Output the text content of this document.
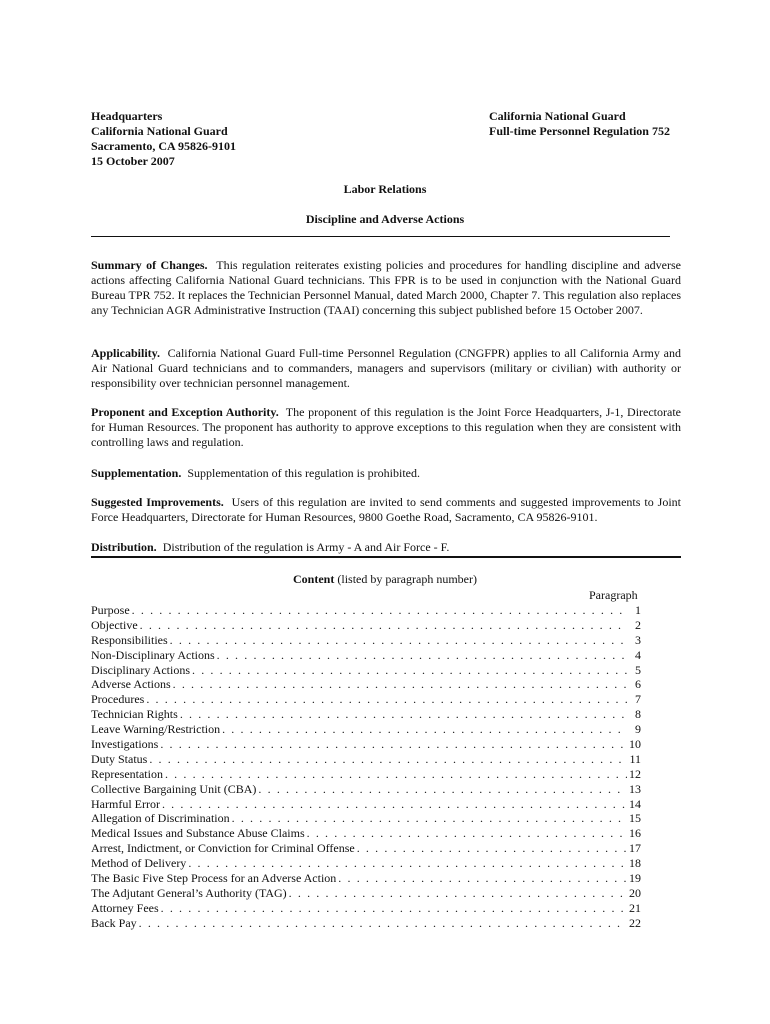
Headquarters
California National Guard
Sacramento, CA 95826-9101
15 October 2007
California National Guard
Full-time Personnel Regulation 752
Labor Relations
Discipline and Adverse Actions
Summary of Changes. This regulation reiterates existing policies and procedures for handling discipline and adverse actions affecting California National Guard technicians. This FPR is to be used in conjunction with the National Guard Bureau TPR 752. It replaces the Technician Personnel Manual, dated March 2000, Chapter 7. This regulation also replaces any Technician AGR Administrative Instruction (TAAI) concerning this subject published before 15 October 2007.
Applicability. California National Guard Full-time Personnel Regulation (CNGFPR) applies to all California Army and Air National Guard technicians and to commanders, managers and supervisors (military or civilian) with authority or responsibility over technician personnel management.
Proponent and Exception Authority. The proponent of this regulation is the Joint Force Headquarters, J-1, Directorate for Human Resources. The proponent has authority to approve exceptions to this regulation when they are consistent with controlling laws and regulation.
Supplementation. Supplementation of this regulation is prohibited.
Suggested Improvements. Users of this regulation are invited to send comments and suggested improvements to Joint Force Headquarters, Directorate for Human Resources, 9800 Goethe Road, Sacramento, CA 95826-9101.
Distribution. Distribution of the regulation is Army - A and Air Force - F.
Content (listed by paragraph number)
Paragraph
Purpose . . .	1
Objective . . .	2
Responsibilities . . .	3
Non-Disciplinary Actions . . .	4
Disciplinary Actions . . .	5
Adverse Actions . . .	6
Procedures . . .	7
Technician Rights . . .	8
Leave Warning/Restriction . . .	9
Investigations . . .	10
Duty Status . . .	11
Representation . . .	12
Collective Bargaining Unit (CBA) . . .	13
Harmful Error . . .	14
Allegation of Discrimination . . .	15
Medical Issues and Substance Abuse Claims . . .	16
Arrest, Indictment, or Conviction for Criminal Offense . . .	17
Method of Delivery . . .	18
The Basic Five Step Process for an Adverse Action . . .	19
The Adjutant General’s Authority (TAG) . . .	20
Attorney Fees . . .	21
Back Pay . . .	22
